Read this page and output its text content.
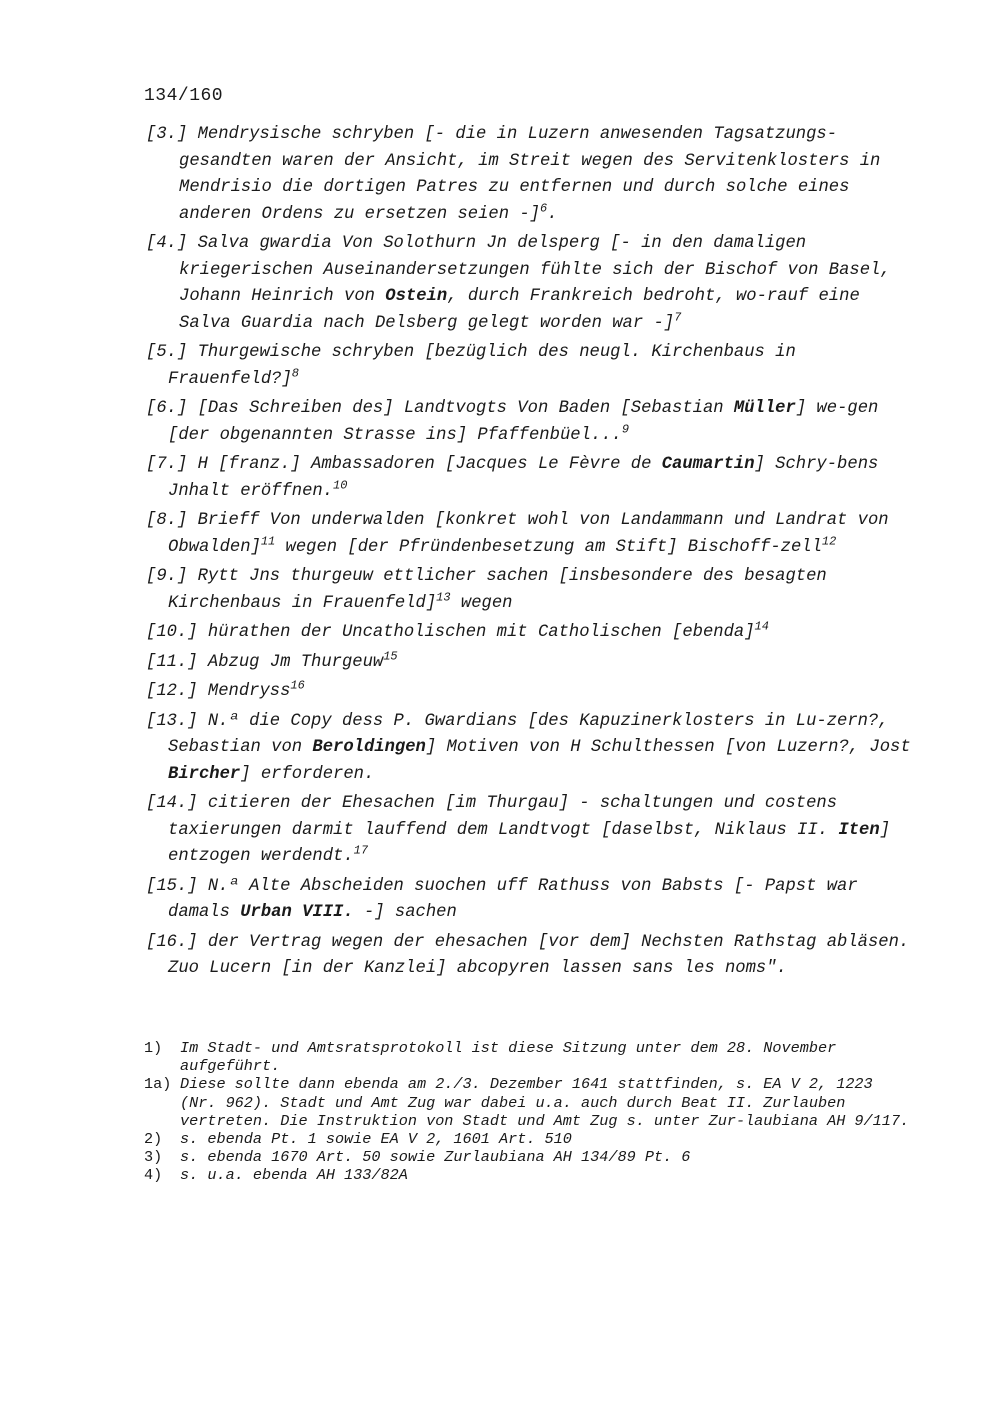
134/160
[3.] Mendrysische schryben [- die in Luzern anwesenden Tagsatzungs-gesandten waren der Ansicht, im Streit wegen des Servitenklosters in Mendrisio die dortigen Patres zu entfernen und durch solche eines anderen Ordens zu ersetzen seien -]$^6$.
[4.] Salva gwardia Von Solothurn Jn delsperg [- in den damaligen kriegerischen Auseinandersetzungen fühlte sich der Bischof von Basel, Johann Heinrich von Ostein, durch Frankreich bedroht, wo-rauf eine Salva Guardia nach Delsberg gelegt worden war -]$^7$
[5.] Thurgewische schryben [bezüglich des neugl. Kirchenbaus in Frauenfeld?]$^8$
[6.] [Das Schreiben des] Landtvogts Von Baden [Sebastian Müller] we-gen [der obgenannten Strasse ins] Pfaffenbüel...$^9$
[7.] H [franz.] Ambassadoren [Jacques Le Fèvre de Caumartin] Schry-bens Jnhalt eröffnen.$^{10}$
[8.] Brieff Von underwalden [konkret wohl von Landammann und Landrat von Obwalden]$^{11}$ wegen [der Pfründenbesetzung am Stift] Bischoff-zell$^{12}$
[9.] Rytt Jns thurgeuw ettlicher sachen [insbesondere des besagten Kirchenbaus in Frauenfeld]$^{13}$ wegen
[10.] hürathen der Uncatholischen mit Catholischen [ebenda]$^{14}$
[11.] Abzug Jm Thurgeuw$^{15}$
[12.] Mendryss$^{16}$
[13.] N.ª die Copy dess P. Gwardians [des Kapuzinerklosters in Lu-zern?, Sebastian von Beroldingen] Motiven von H Schulthessen [von Luzern?, Jost Bircher] erforderen.
[14.] citieren der Ehesachen [im Thurgau] - schaltungen und costens taxierungen darmit lauffend dem Landtvogt [daselbst, Niklaus II. Iten] entzogen werdendt.$^{17}$
[15.] N.ª Alte Abscheiden suochen uff Rathuss von Babsts [- Papst war damals Urban VIII. -] sachen
[16.] der Vertrag wegen der ehesachen [vor dem] Nechsten Rathstag abläsen. Zuo Lucern [in der Kanzlei] abcopyren lassen sans les noms".
1)	Im Stadt- und Amtsratsprotokoll ist diese Sitzung unter dem 28. November aufgeführt.
1a) Diese sollte dann ebenda am 2./3. Dezember 1641 stattfinden, s. EA V 2, 1223 (Nr. 962). Stadt und Amt Zug war dabei u.a. auch durch Beat II. Zurlauben vertreten. Die Instruktion von Stadt und Amt Zug s. unter Zur-laubiana AH 9/117.
2)	s. ebenda Pt. 1 sowie EA V 2, 1601 Art. 510
3)	s. ebenda 1670 Art. 50 sowie Zurlaubiana AH 134/89 Pt. 6
4)	s. u.a. ebenda AH 133/82A
